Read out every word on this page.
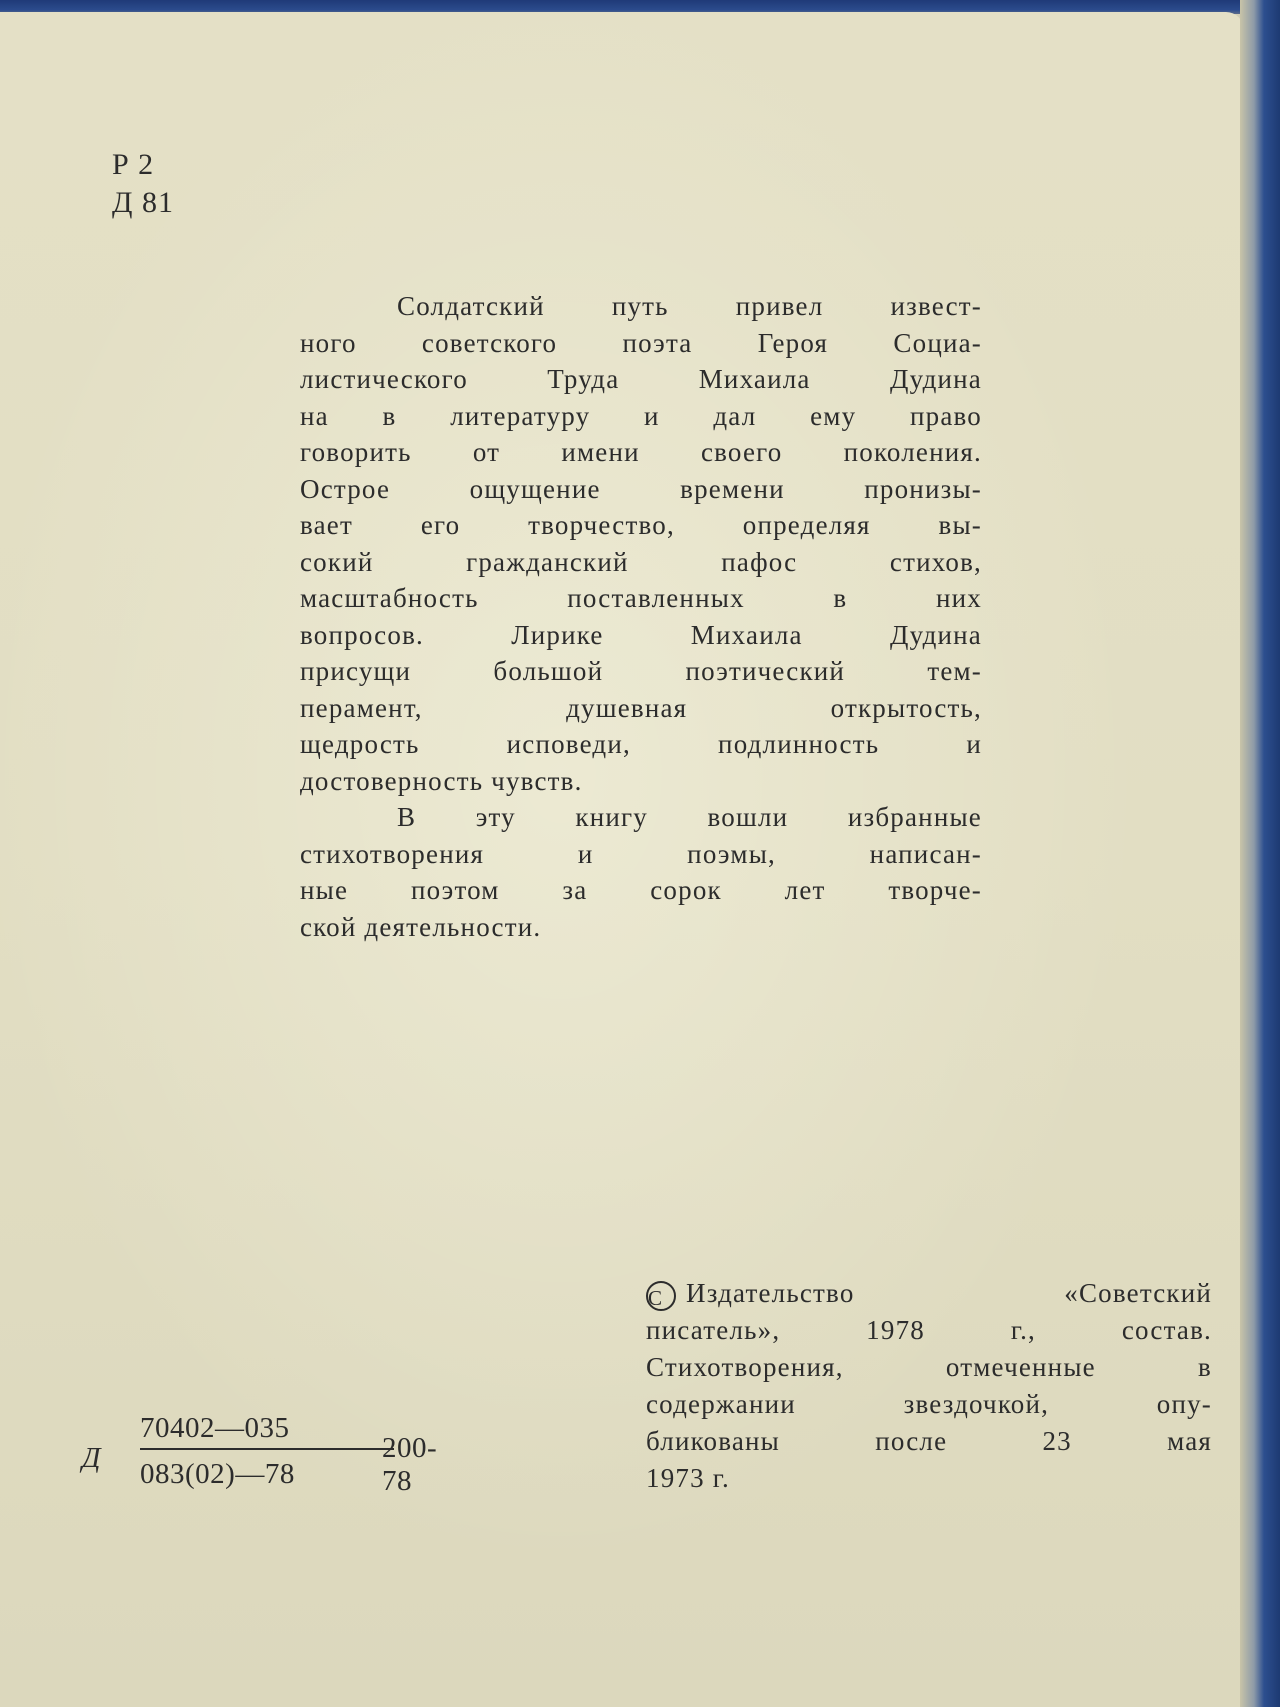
Р 2
Д 81

Солдатский путь привел извест-
ного советского поэта Героя Социа-
листического Труда Михаила Дудина
на в литературу и дал ему право
говорить от имени своего поколения.
Острое ощущение времени пронизы-
вает его творчество, определяя вы-
сокий гражданский пафос стихов,
масштабность поставленных в них
вопросов. Лирике Михаила Дудина
присущи большой поэтический тем-
перамент, душевная открытость,
щедрость исповеди, подлинность и
достоверность чувств.

В эту книгу вошли избранные
стихотворения и поэмы, написан-
ные поэтом за сорок лет творче-
ской деятельности.

Д
70402—035
083(02)—78
200-78
С Издательство «Советский
писатель», 1978 г., состав.
Стихотворения, отмеченные в
содержании звездочкой, опу-
бликованы после 23 мая
1973 г.
